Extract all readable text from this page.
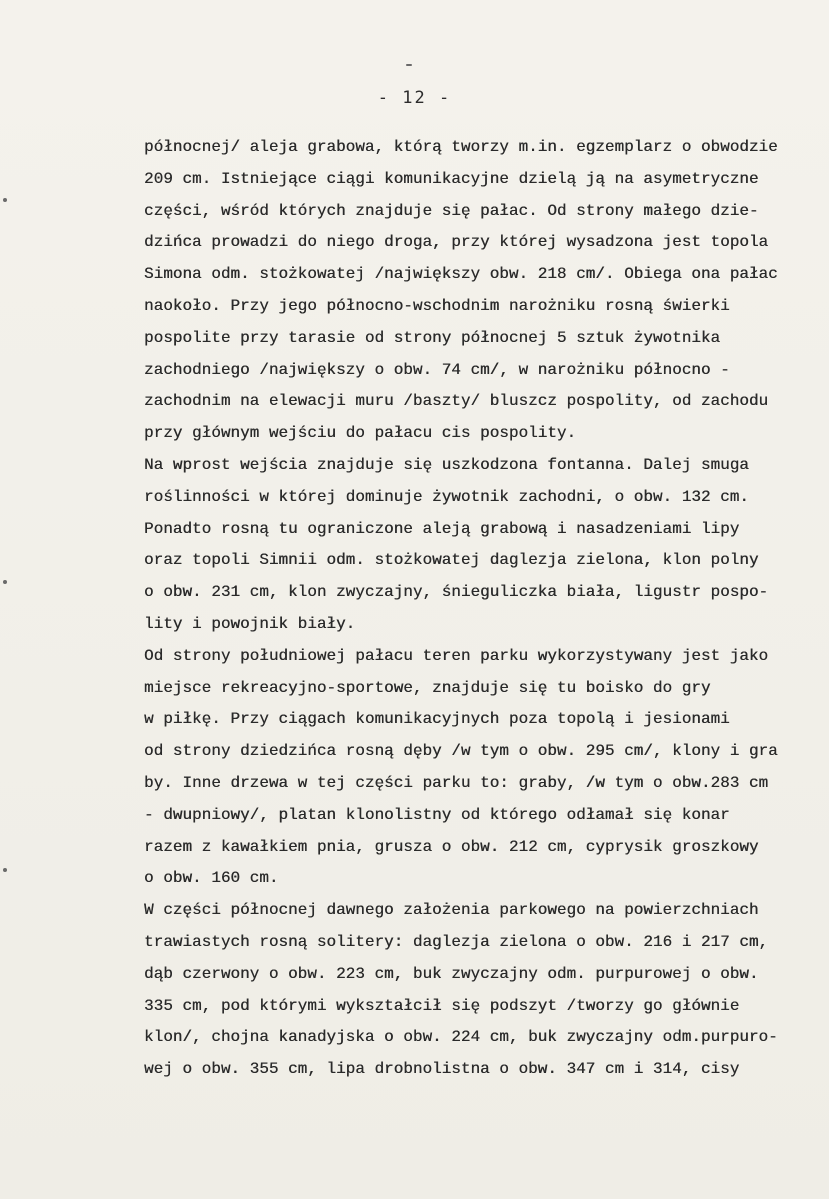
- 12 -
północnej/ aleja grabowa, którą tworzy m.in. egzemplarz o obwodzie
209 cm. Istniejące ciągi komunikacyjne dzielą ją na asymetryczne
części, wśród których znajduje się pałac. Od strony małego dzie-
dzińca prowadzi do niego droga, przy której wysadzona jest topola
Simona odm. stożkowatej /największy obw. 218 cm/. Obiega ona pałac
naokoło. Przy jego północno-wschodnim narożniku rosną świerki
pospolite przy tarasie od strony północnej 5 sztuk żywotnika
zachodniego /największy o obw. 74 cm/, w narożniku północno -
zachodnim na elewacji muru /baszty/ bluszcz pospolity, od zachodu
przy głównym wejściu do pałacu cis pospolity.
Na wprost wejścia znajduje się uszkodzona fontanna. Dalej smuga
roślinności w której dominuje żywotnik zachodni, o obw. 132 cm.
Ponadto rosną tu ograniczone aleją grabową i nasadzeniami lipy
oraz topoli Simnii odm. stożkowatej daglezja zielona, klon polny
o obw. 231 cm, klon zwyczajny, śnieguliczka biała, ligustr pospo-
lity i powojnik biały.
Od strony południowej pałacu teren parku wykorzystywany jest jako
miejsce rekreacyjno-sportowe, znajduje się tu boisko do gry
w piłkę. Przy ciągach komunikacyjnych poza topolą i jesionami
od strony dziedzińca rosną dęby /w tym o obw. 295 cm/, klony i gra
by. Inne drzewa w tej części parku to: graby, /w tym o obw.283 cm
- dwupniowy/, platan klonolistny od którego odłamał się konar
razem z kawałkiem pnia, grusza o obw. 212 cm, cyprysik groszkowy
o obw. 160 cm.
W części północnej dawnego założenia parkowego na powierzchniach
trawiastych rosną solitery: daglezja zielona o obw. 216 i 217 cm,
dąb czerwony o obw. 223 cm, buk zwyczajny odm. purpurowej o obw.
335 cm, pod którymi wykształcił się podszyt /tworzy go głównie
klon/, chojna kanadyjska o obw. 224 cm, buk zwyczajny odm.purpuro-
wej o obw. 355 cm, lipa drobnolistna o obw. 347 cm i 314, cisy
